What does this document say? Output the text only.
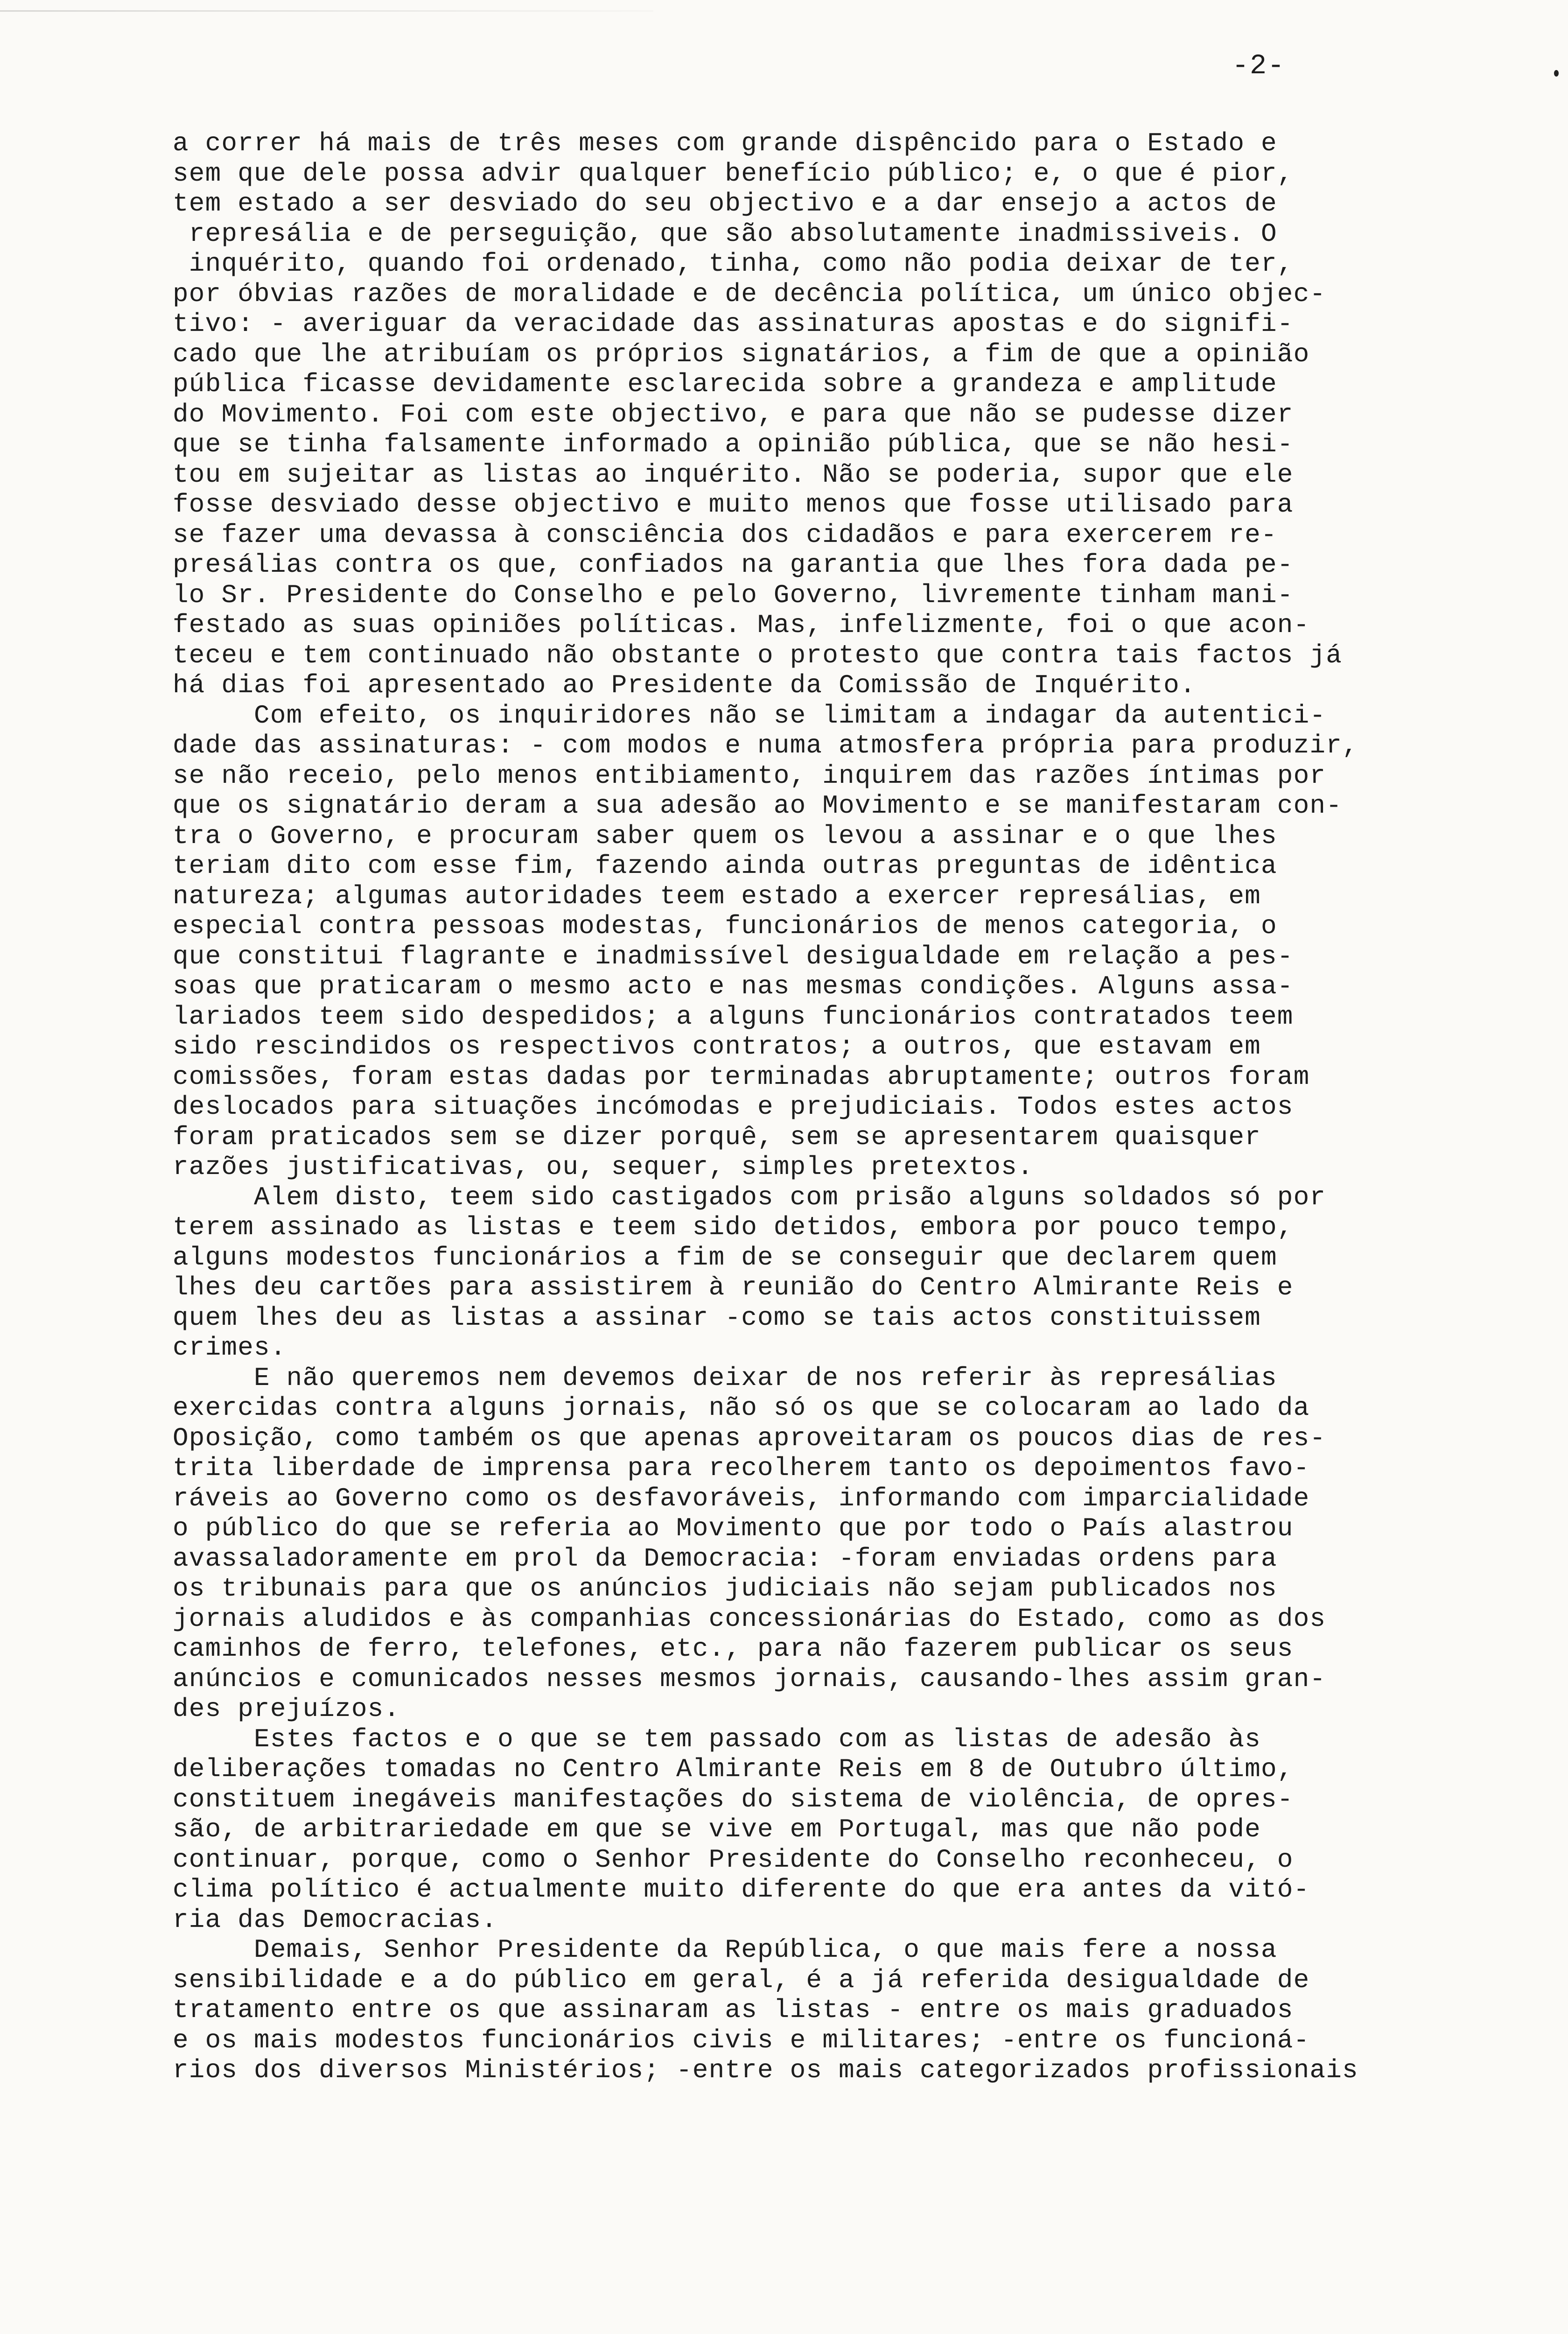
-2-
a correr há mais de três meses com grande dispêncido para o Estado e
sem que dele possa advir qualquer benefício público; e, o que é pior,
tem estado a ser desviado do seu objectivo e a dar ensejo a actos de
represália e de perseguição, que são absolutamente inadmissiveis. O
inquérito, quando foi ordenado, tinha, como não podia deixar de ter,
por óbvias razões de moralidade e de decência política, um único objec-
tivo: - averiguar da veracidade das assinaturas apostas e do signifi-
cado que lhe atribuíam os próprios signatários, a fim de que a opinião
pública ficasse devidamente esclarecida sobre a grandeza e amplitude
do Movimento. Foi com este objectivo, e para que não se pudesse dizer
que se tinha falsamente informado a opinião pública, que se não hesi-
tou em sujeitar as listas ao inquérito. Não se poderia, supor que ele
fosse desviado desse objectivo e muito menos que fosse utilisado para
se fazer uma devassa à consciência dos cidadãos e para exercerem re-
presálias contra os que, confiados na garantia que lhes fora dada pe-
lo Sr. Presidente do Conselho e pelo Governo, livremente tinham mani-
festado as suas opiniões políticas. Mas, infelizmente, foi o que acon-
teceu e tem continuado não obstante o protesto que contra tais factos já
há dias foi apresentado ao Presidente da Comissão de Inquérito.
Com efeito, os inquiridores não se limitam a indagar da autentici-
dade das assinaturas: - com modos e numa atmosfera própria para produzir,
se não receio, pelo menos entibiamento, inquirem das razões íntimas por
que os signatário deram a sua adesão ao Movimento e se manifestaram con-
tra o Governo, e procuram saber quem os levou a assinar e o que lhes
teriam dito com esse fim, fazendo ainda outras preguntas de idêntica
natureza; algumas autoridades teem estado a exercer represálias, em
especial contra pessoas modestas, funcionários de menos categoria, o
que constitui flagrante e inadmissível desigualdade em relação a pes-
soas que praticaram o mesmo acto e nas mesmas condições. Alguns assa-
lariados teem sido despedidos; a alguns funcionários contratados teem
sido rescindidos os respectivos contratos; a outros, que estavam em
comissões, foram estas dadas por terminadas abruptamente; outros foram
deslocados para situações incómodas e prejudiciais. Todos estes actos
foram praticados sem se dizer porquê, sem se apresentarem quaisquer
razões justificativas, ou, sequer, simples pretextos.
Alem disto, teem sido castigados com prisão alguns soldados só por
terem assinado as listas e teem sido detidos, embora por pouco tempo,
alguns modestos funcionários a fim de se conseguir que declarem quem
lhes deu cartões para assistirem à reunião do Centro Almirante Reis e
quem lhes deu as listas a assinar -como se tais actos constituissem
crimes.
E não queremos nem devemos deixar de nos referir às represálias
exercidas contra alguns jornais, não só os que se colocaram ao lado da
Oposição, como também os que apenas aproveitaram os poucos dias de res-
trita liberdade de imprensa para recolherem tanto os depoimentos favo-
ráveis ao Governo como os desfavoráveis, informando com imparcialidade
o público do que se referia ao Movimento que por todo o País alastrou
avassaladoramente em prol da Democracia: -foram enviadas ordens para
os tribunais para que os anúncios judiciais não sejam publicados nos
jornais aludidos e às companhias concessionárias do Estado, como as dos
caminhos de ferro, telefones, etc., para não fazerem publicar os seus
anúncios e comunicados nesses mesmos jornais, causando-lhes assim gran-
des prejuízos.
Estes factos e o que se tem passado com as listas de adesão às
deliberações tomadas no Centro Almirante Reis em 8 de Outubro último,
constituem inegáveis manifestações do sistema de violência, de opres-
são, de arbitrariedade em que se vive em Portugal, mas que não pode
continuar, porque, como o Senhor Presidente do Conselho reconheceu, o
clima político é actualmente muito diferente do que era antes da vitó-
ria das Democracias.
Demais, Senhor Presidente da República, o que mais fere a nossa
sensibilidade e a do público em geral, é a já referida desigualdade de
tratamento entre os que assinaram as listas - entre os mais graduados
e os mais modestos funcionários civis e militares; -entre os funcioná-
rios dos diversos Ministérios; -entre os mais categorizados profissionais
